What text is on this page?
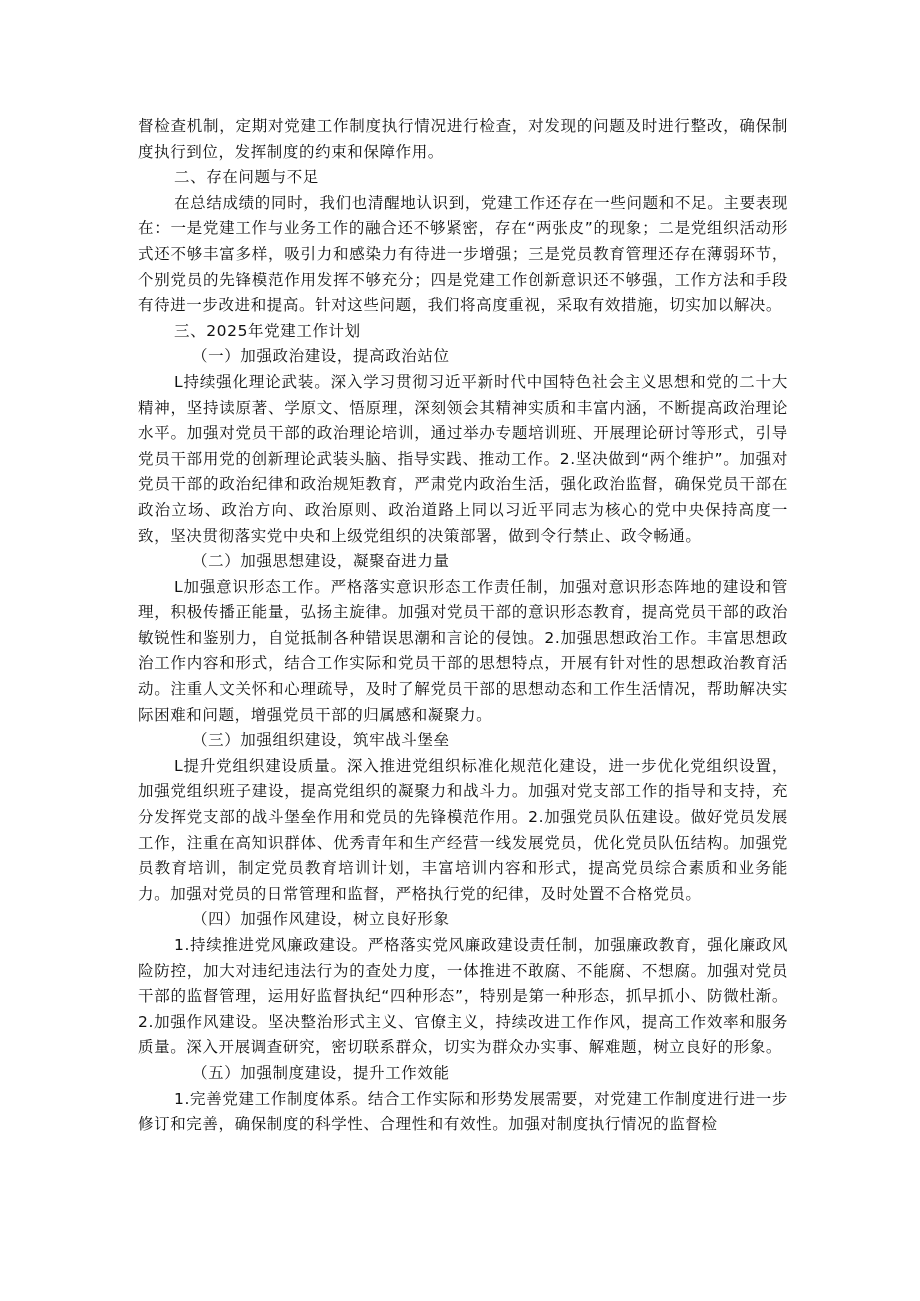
督检查机制，定期对党建工作制度执行情况进行检查，对发现的问题及时进行整改，确保制度执行到位，发挥制度的约束和保障作用。

二、存在问题与不足

在总结成绩的同时，我们也清醒地认识到，党建工作还存在一些问题和不足。主要表现在：一是党建工作与业务工作的融合还不够紧密，存在“两张皮”的现象；二是党组织活动形式还不够丰富多样，吸引力和感染力有待进一步增强；三是党员教育管理还存在薄弱环节，个别党员的先锋模范作用发挥不够充分；四是党建工作创新意识还不够强，工作方法和手段有待进一步改进和提高。针对这些问题，我们将高度重视，采取有效措施，切实加以解决。

三、2025年党建工作计划

（一）加强政治建设，提高政治站位

L持续强化理论武装。深入学习贯彻习近平新时代中国特色社会主义思想和党的二十大精神，坚持读原著、学原文、悟原理，深刻领会其精神实质和丰富内涵，不断提高政治理论水平。加强对党员干部的政治理论培训，通过举办专题培训班、开展理论研讨等形式，引导党员干部用党的创新理论武装头脑、指导实践、推动工作。2.坚决做到“两个维护”。加强对党员干部的政治纪律和政治规矩教育，严肃党内政治生活，强化政治监督，确保党员干部在政治立场、政治方向、政治原则、政治道路上同以习近平同志为核心的党中央保持高度一致，坚决贯彻落实党中央和上级党组织的决策部署，做到令行禁止、政令畅通。

（二）加强思想建设，凝聚奋进力量

L加强意识形态工作。严格落实意识形态工作责任制，加强对意识形态阵地的建设和管理，积极传播正能量，弘扬主旋律。加强对党员干部的意识形态教育，提高党员干部的政治敏锐性和鉴别力，自觉抵制各种错误思潮和言论的侵蚀。2.加强思想政治工作。丰富思想政治工作内容和形式，结合工作实际和党员干部的思想特点，开展有针对性的思想政治教育活动。注重人文关怀和心理疏导，及时了解党员干部的思想动态和工作生活情况，帮助解决实际困难和问题，增强党员干部的归属感和凝聚力。

（三）加强组织建设，筑牢战斗堡垒

L提升党组织建设质量。深入推进党组织标准化规范化建设，进一步优化党组织设置，加强党组织班子建设，提高党组织的凝聚力和战斗力。加强对党支部工作的指导和支持，充分发挥党支部的战斗堡垒作用和党员的先锋模范作用。2.加强党员队伍建设。做好党员发展工作，注重在高知识群体、优秀青年和生产经营一线发展党员，优化党员队伍结构。加强党员教育培训，制定党员教育培训计划，丰富培训内容和形式，提高党员综合素质和业务能力。加强对党员的日常管理和监督，严格执行党的纪律，及时处置不合格党员。

（四）加强作风建设，树立良好形象

1.持续推进党风廉政建设。严格落实党风廉政建设责任制，加强廉政教育，强化廉政风险防控，加大对违纪违法行为的查处力度，一体推进不敢腐、不能腐、不想腐。加强对党员干部的监督管理，运用好监督执纪“四种形态”，特别是第一种形态，抓早抓小、防微杜渐。2.加强作风建设。坚决整治形式主义、官僚主义，持续改进工作作风，提高工作效率和服务质量。深入开展调查研究，密切联系群众，切实为群众办实事、解难题，树立良好的形象。

（五）加强制度建设，提升工作效能

1.完善党建工作制度体系。结合工作实际和形势发展需要，对党建工作制度进行进一步修订和完善，确保制度的科学性、合理性和有效性。加强对制度执行情况的监督检
